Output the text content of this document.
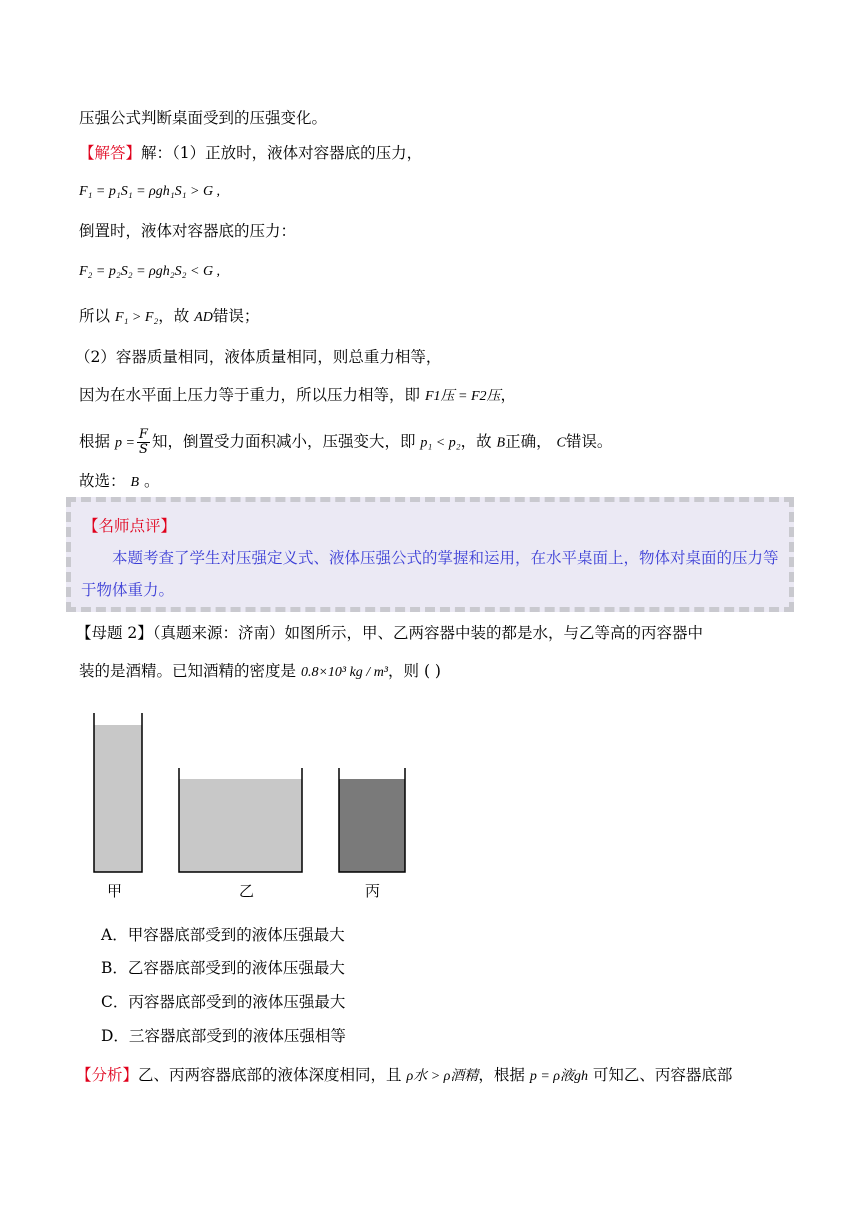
压强公式判断桌面受到的压强变化。
【解答】解：（1）正放时，液体对容器底的压力，
F₁ = p₁S₁ = ρgh₁S₁ > G ,
倒置时，液体对容器底的压力：
F₂ = p₂S₂ = ρgh₂S₂ < G ,
所以 F₁ > F₂，故 AD错误；
（2）容器质量相同，液体质量相同，则总重力相等，
因为在水平面上压力等于重力，所以压力相等，即 F1压 = F2压，
根据 $p = \frac{F}{S}$ 知，倒置受力面积减小，压强变大，即 p₁ < p₂，故 B正确， C错误。
故选： B 。
【名师点评】
本题考查了学生对压强定义式、液体压强公式的掌握和运用，在水平桌面上，物体对桌面的压力等于物体重力。
【母题 2】（真题来源：济南）如图所示，甲、乙两容器中装的都是水，与乙等高的丙容器中
装的是酒精。已知酒精的密度是 0.8×10³ kg / m³，则 ( )
甲	乙	丙
A．甲容器底部受到的液体压强最大
B．乙容器底部受到的液体压强最大
C．丙容器底部受到的液体压强最大
D．三容器底部受到的液体压强相等
【分析】乙、丙两容器底部的液体深度相同，且 ρ水 > ρ酒精，根据 p = ρ液gh 可知乙、丙容器底部
